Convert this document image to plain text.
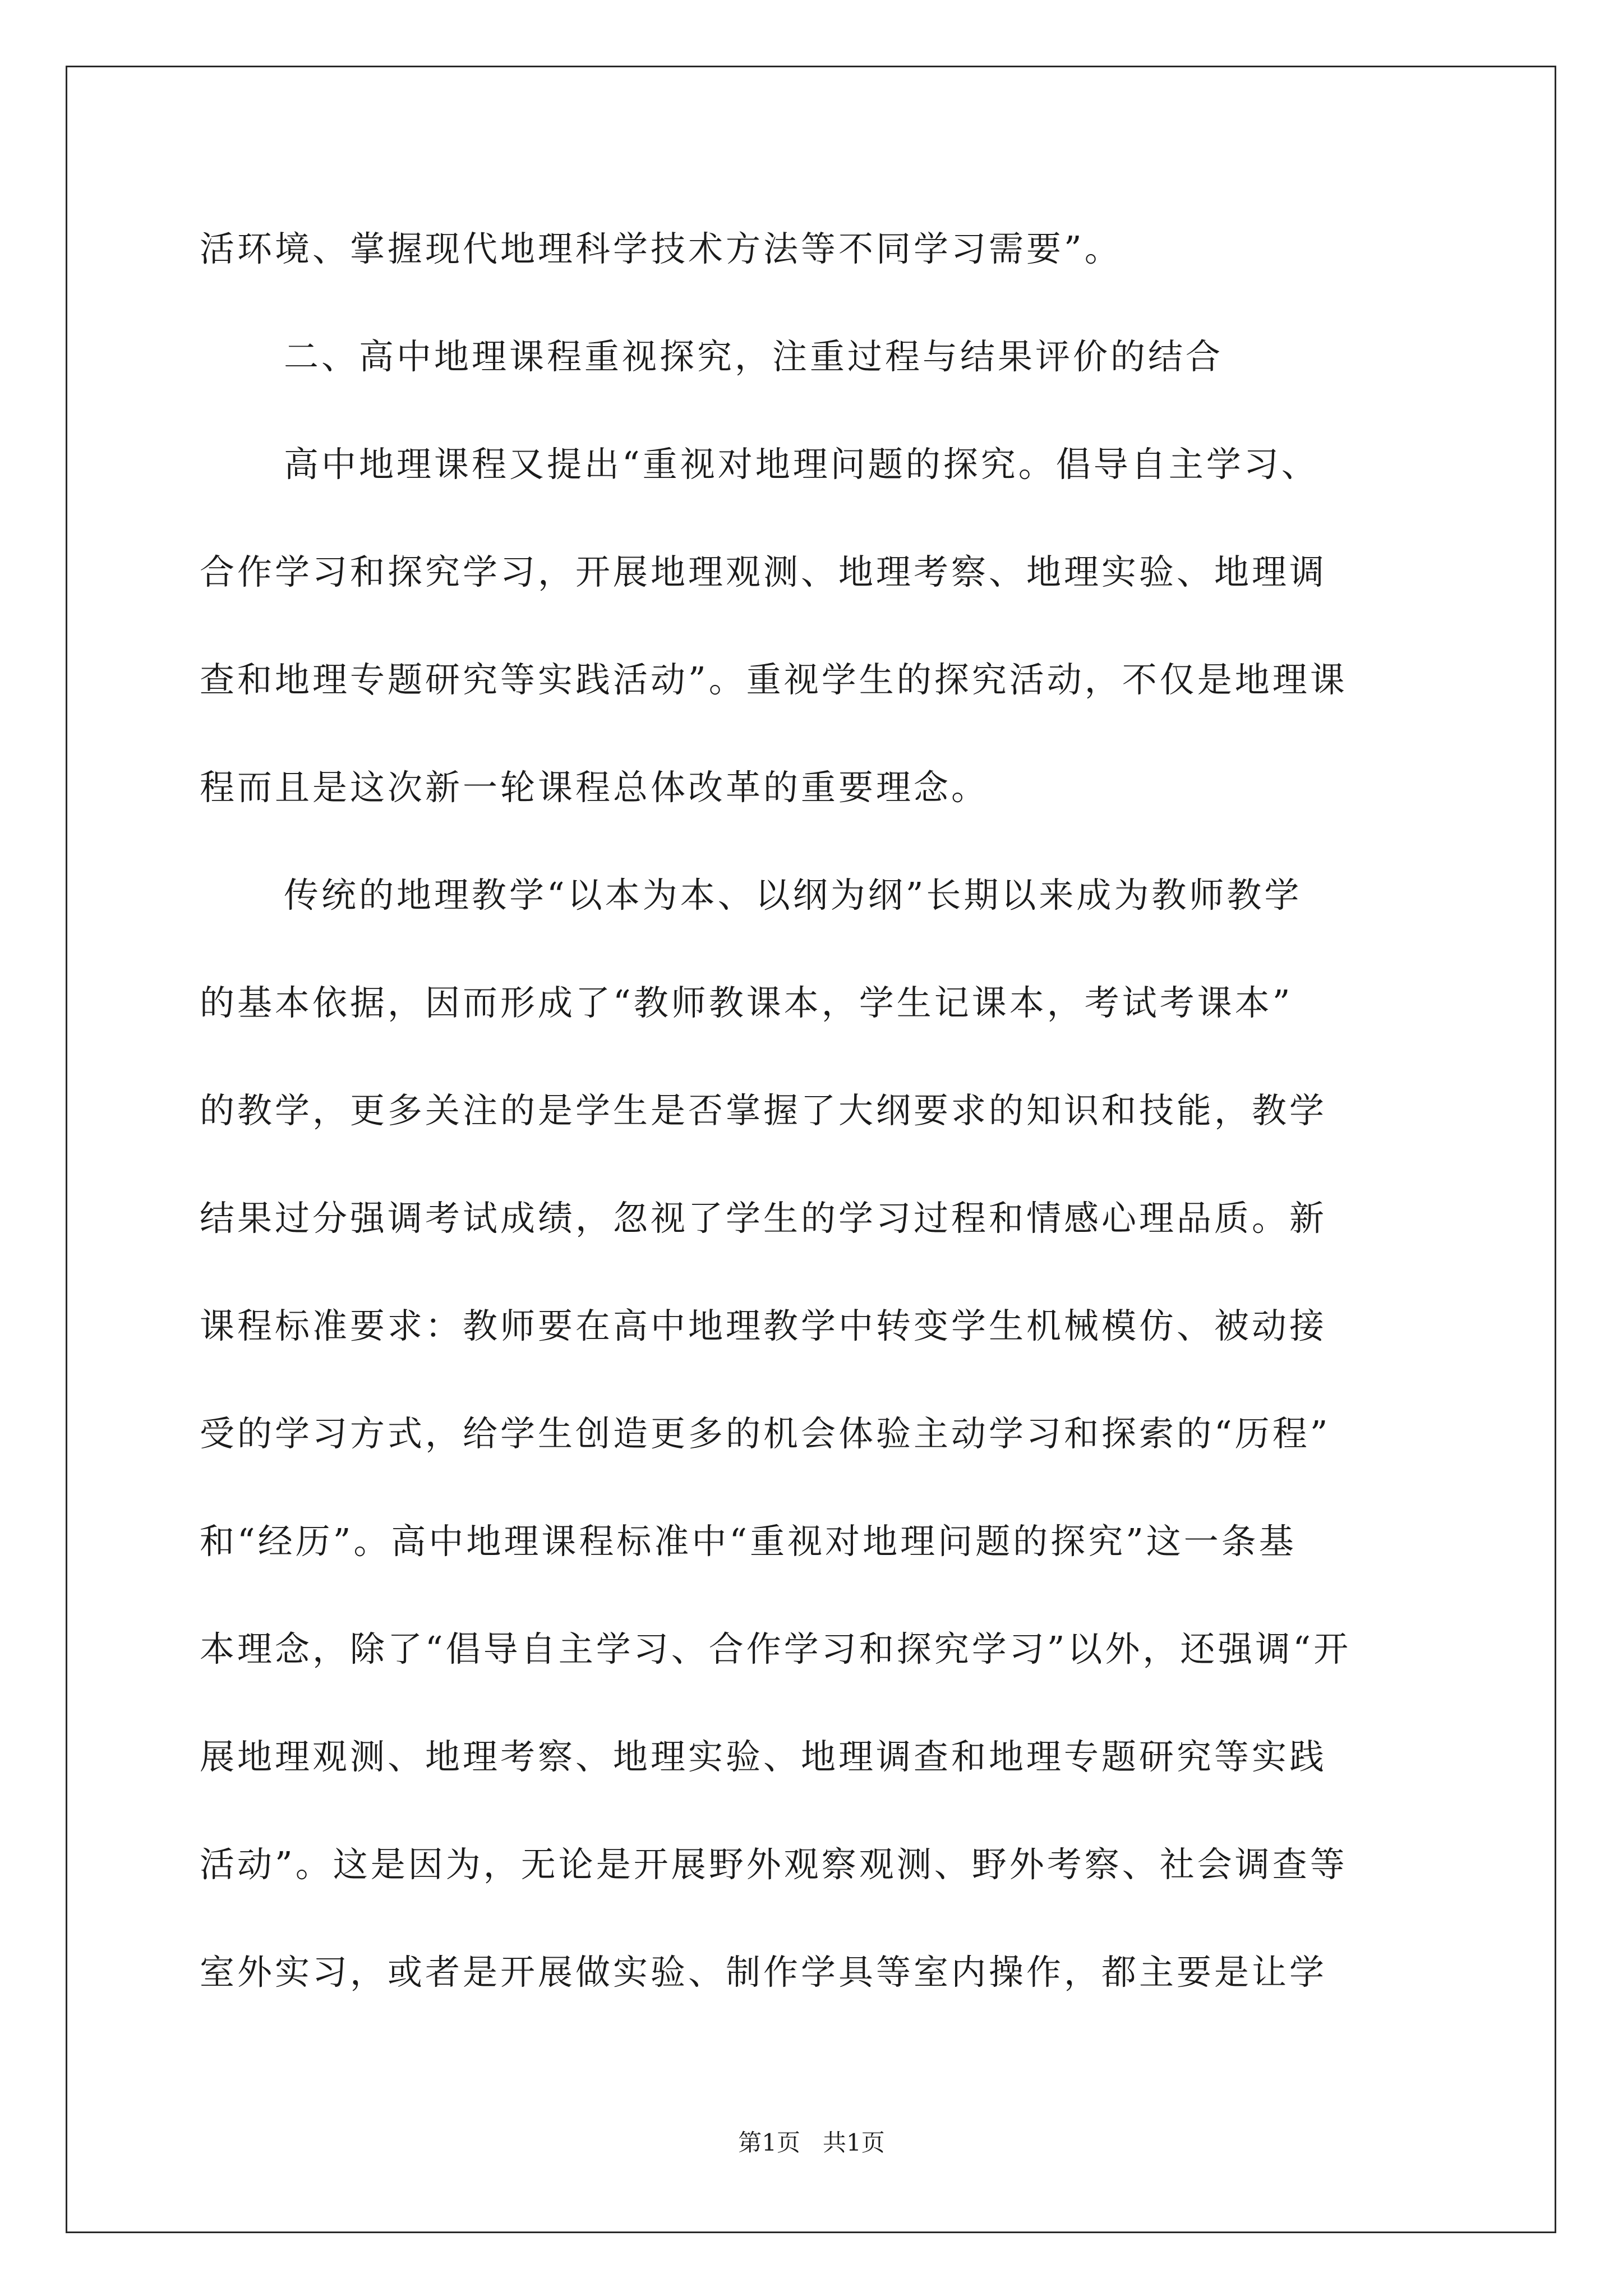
活环境、掌握现代地理科学技术方法等不同学习需要”。
二、高中地理课程重视探究，注重过程与结果评价的结合
高中地理课程又提出“重视对地理问题的探究。倡导自主学习、
合作学习和探究学习，开展地理观测、地理考察、地理实验、地理调
查和地理专题研究等实践活动”。重视学生的探究活动，不仅是地理课
程而且是这次新一轮课程总体改革的重要理念。
传统的地理教学“以本为本、以纲为纲”长期以来成为教师教学
的基本依据，因而形成了“教师教课本，学生记课本，考试考课本”
的教学，更多关注的是学生是否掌握了大纲要求的知识和技能，教学
结果过分强调考试成绩，忽视了学生的学习过程和情感心理品质。新
课程标准要求：教师要在高中地理教学中转变学生机械模仿、被动接
受的学习方式，给学生创造更多的机会体验主动学习和探索的“历程”
和“经历”。高中地理课程标准中“重视对地理问题的探究”这一条基
本理念，除了“倡导自主学习、合作学习和探究学习”以外，还强调“开
展地理观测、地理考察、地理实验、地理调查和地理专题研究等实践
活动”。这是因为，无论是开展野外观察观测、野外考察、社会调查等
室外实习，或者是开展做实验、制作学具等室内操作，都主要是让学
第1页 共1页
